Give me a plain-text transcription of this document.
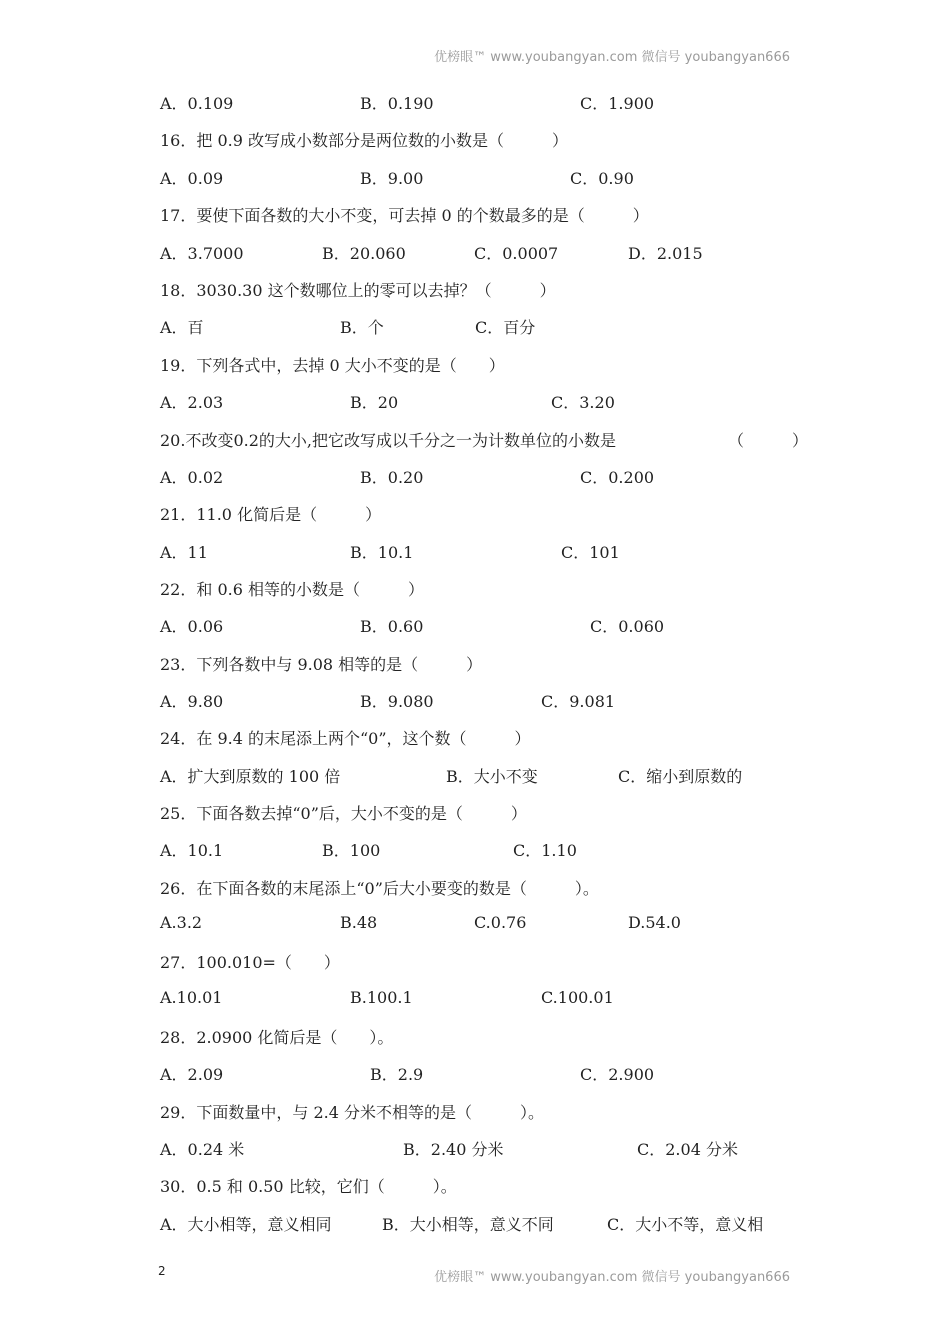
优榜眼™ www.youbangyan.com 微信号 youbangyan666
A．0.109	B．0.190	C．1.900
16．把 0.9 改写成小数部分是两位数的小数是（　　　）
A．0.09	B．9.00	C．0.90
17．要使下面各数的大小不变，可去掉 0 的个数最多的是（　　　）
A．3.7000	B．20.060	C．0.0007	D．2.015
18．3030.30 这个数哪位上的零可以去掉？（　　　）
A．百	B．个	C．百分
19．下列各式中，去掉 0 大小不变的是（　　）
A．2.03	B．20	C．3.20
20.不改变0.2的大小,把它改写成以千分之一为计数单位的小数是	（　　　）
A．0.02	B．0.20	C．0.200
21．11.0 化简后是（　　　）
A．11	B．10.1	C．101
22．和 0.6 相等的小数是（　　　）
A．0.06	B．0.60	C．0.060
23．下列各数中与 9.08 相等的是（　　　）
A．9.80	B．9.080	C．9.081
24．在 9.4 的末尾添上两个“0”，这个数（　　　）
A．扩大到原数的 100 倍	B．大小不变	C．缩小到原数的
25．下面各数去掉“0”后，大小不变的是（　　　）
A．10.1	B．100	C．1.10
26．在下面各数的末尾添上“0”后大小要变的数是（　　　）。
A.3.2	B.48	C.0.76	D.54.0
27．100.010=（　　）
A.10.01	B.100.1	C.100.01
28．2.0900 化简后是（　　）。
A．2.09	B．2.9	C．2.900
29．下面数量中，与 2.4 分米不相等的是（　　　）。
A．0.24 米	B．2.40 分米	C．2.04 分米
30．0.5 和 0.50 比较，它们（　　　）。
A．大小相等，意义相同	B．大小相等，意义不同	C．大小不等，意义相
2	优榜眼™ www.youbangyan.com 微信号 youbangyan666
